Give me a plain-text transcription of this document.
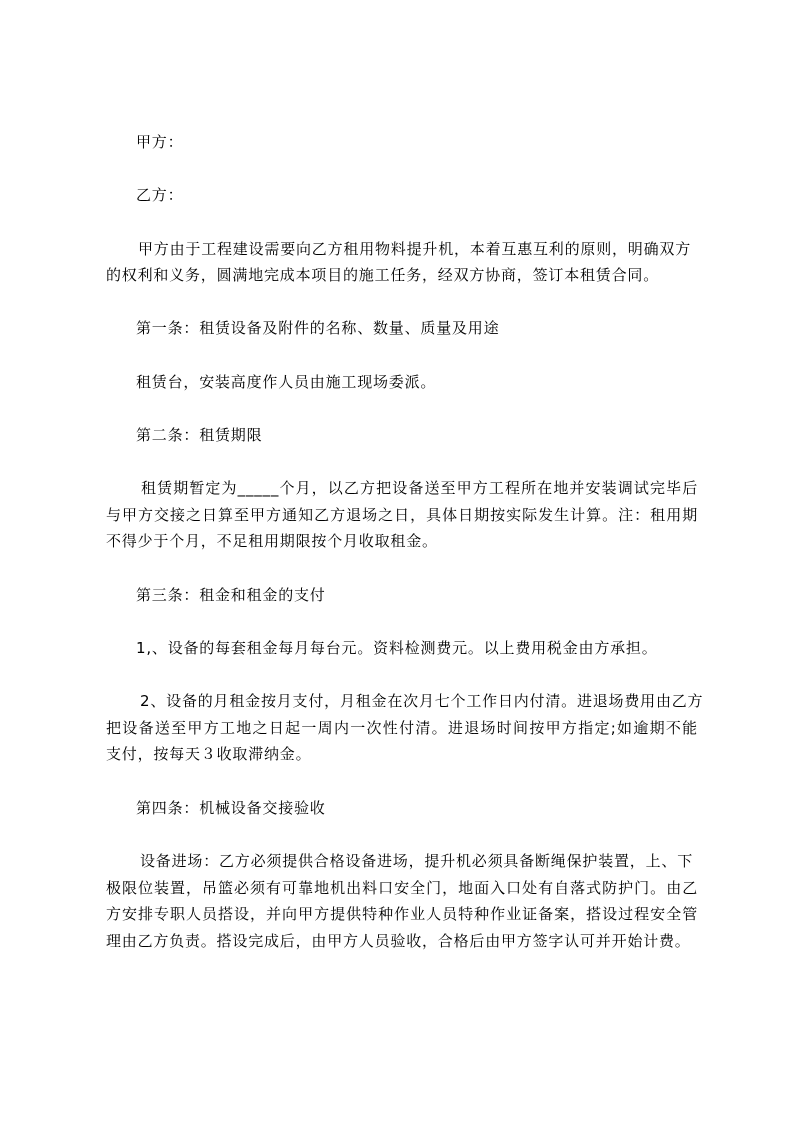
甲方：
乙方：
甲方由于工程建设需要向乙方租用物料提升机，本着互惠互利的原则，明确双方
的权利和义务，圆满地完成本项目的施工任务，经双方协商，签订本租赁合同。
第一条：租赁设备及附件的名称、数量、质量及用途
租赁台，安装高度作人员由施工现场委派。
第二条：租赁期限
租赁期暂定为_____个月，以乙方把设备送至甲方工程所在地并安装调试完毕后
与甲方交接之日算至甲方通知乙方退场之日，具体日期按实际发生计算。注：租用期
不得少于个月，不足租用期限按个月收取租金。
第三条：租金和租金的支付
1,、设备的每套租金每月每台元。资料检测费元。以上费用税金由方承担。
2、设备的月租金按月支付，月租金在次月七个工作日内付清。进退场费用由乙方
把设备送至甲方工地之日起一周内一次性付清。进退场时间按甲方指定;如逾期不能
支付，按每天３收取滞纳金。
第四条：机械设备交接验收
设备进场：乙方必须提供合格设备进场，提升机必须具备断绳保护装置，上、下
极限位装置，吊篮必须有可靠地机出料口安全门，地面入口处有自落式防护门。由乙
方安排专职人员搭设，并向甲方提供特种作业人员特种作业证备案，搭设过程安全管
理由乙方负责。搭设完成后，由甲方人员验收，合格后由甲方签字认可并开始计费。
